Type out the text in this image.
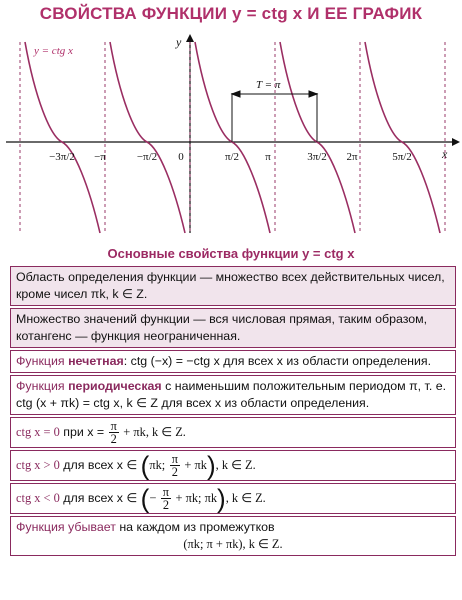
СВОЙСТВА ФУНКЦИИ y = ctg x И ЕЕ ГРАФИК
x
y
y = ctg x
T = π
−3π/2 −π	−π/2 0	π/2 π	3π/2 2π	5π/2
Основные свойства функции y = ctg x
Область определения функции — множество всех действительных чисел, кроме чисел πk, k ∈ Z.
Множество значений функции — вся числовая прямая, таким образом, котангенс — функция неограниченная.
Функция нечетная: ctg (−x) = −ctg x для всех x из области определения.
Функция периодическая с наименьшим положительным периодом π, т. е. ctg (x + πk) = ctg x, k ∈ Z для всех x из области определения.
ctg x = 0 при $x = \frac{\pi}{2} + \pi k$, k ∈ Z.
ctg x > 0 для всех x ∈ (πk; $\frac{\pi}{2} + \pi k$), k ∈ Z.
ctg x < 0 для всех x ∈ (− $\frac{\pi}{2} + \pi k$; πk), k ∈ Z.
Функция убывает на каждом из промежутков
(πk; π + πk), k ∈ Z.
